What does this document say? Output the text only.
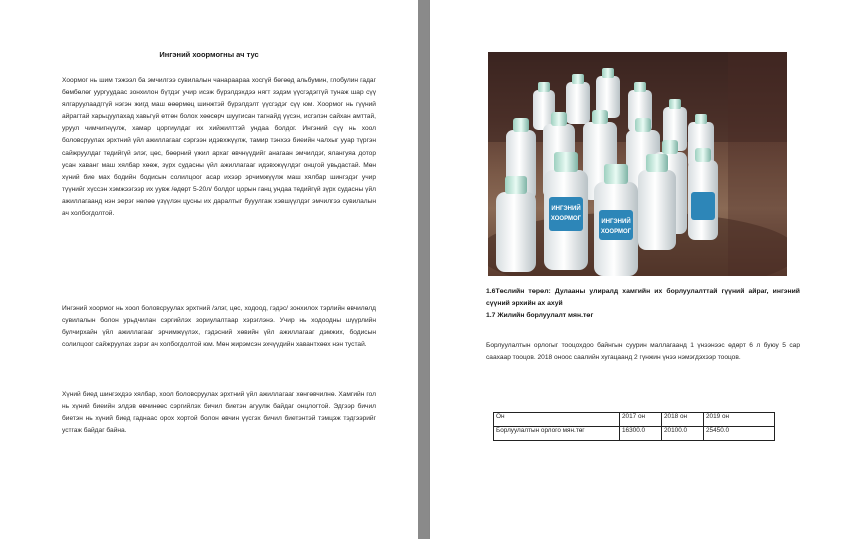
Ингэний хоормогны ач тус

Хоормог нь шим тэжээл ба эмчилгээ сувилалын чанараараа хосгүй бөгөөд альбумин, глобулин гадаг бөмбөлөг уургуудаас зонхилон бүтдэг учир исэж бүрэлдэхдээ нягт зэдэм үүсгэдэггүй тунаж шар сүү ялгаруулаадггүй нэгэн жигд маш өөөрмөц шинжтэй бүрэлдэлт үүсгэдэг сүү юм. Хоормог нь гүүний айрагтай харьцуулахад хавьгүй өтгөн болох хөөсөрч шуугисан тагнайд үүсэн, исгэлэн сайхан амттай, уруул чимчигнүүлж, хамар цоргиулдаг их хийжилттэй ундаа болдог. Ингэний сүү нь хоол боловсруулах эрхтний үйл ажиллагааг сэргээн идэвхжүүлж, тамир тэнхээ биеийн чалхыг ууар түргэн сайжруулдаг тедийгүй элэг, цөс, бөөрний үжил архаг өвчнүүдийг анагаан эмчилдэг, ялангуяа дотор усан хаванг маш хялбар хөөж, зүрх судасны үйл ажиллагааг идэвхжүүлдэг онцгой увьдастай. Мөн хүний бие мах бодийн бодисын солилцоог асар ихээр эрчимжүүлж маш хялбар шингэдэг учир түүнийг хүссэн хэмжээгээр их уувж /өдөрт 5-20л/ болдог цорын ганц ундаа тедийгүй зүрх судасны үйл ажиллагаанд нэн эерэг нөлөө үзүүлэн цусны их даралтыг бууулгаж хэвшүүлдэг эмчилгээ сувилалын ач холбогдолтой.

Ингэний хоормог нь хоол боловсруулах эрхтний /элэг, цөс, ходоод, гэдэс/ зонхилох тэрлийн өвчилөлд сувилалын болон урьдчилан сэргийлэх зориулалтаар хэрэглэнэ. Учир нь ходоодны шүүрлийн булчирхайн үйл ажиллагааг эрчимжүүлэх, гэдэсний хөвийн үйл ажиллагааг дэмжих, бодисын солилцоог сайжруулах зэрэг ач холбогдолтой юм. Мөн жирэмсэн эхчүүдийн хавантхөөх нэн тустай.

Хүний биед шингэхдээ хялбар, хоол боловсруулах эрхтний үйл ажиллагааг хөнгөвчилнө. Хамгийн гол нь хүний биеийн элдэв өвчинөөс сэргийлэх бичил биетэн агуулж байдаг онцлогтой. Эдгээр бичил биетэн нь хүний биед гаднаас орох хортой болон өвчин үүсгэх бичил биетэнтэй тэмцэж тэдгээрийг устгаж байдаг байна.

ИНГЭНИЙ
ХООРМОГ	ИНГЭНИЙ
ХООРМОГ
1.6Төслийн төрөл: Дулааны улиралд хамгийн их борлуулалттай гүүний айраг, ингэний сүүний эрхийн ах ахуй
1.7 Жилийн борлуулалт мян.төг

Борлуулалтын орлогыг тооцохдоо байнгын суурин маллагаанд 1 үнээнээс өдөрт 6 л буюу 5 сар саахаар тооцов. 2018 оноос саалийн хугацаанд 2 гүнжин үнээ нэмэгдэхээр тооцов.

Он	2017 он	2018 он	2019 он
Борлуулалтын орлого мян.төг	16300.0	20100.0	25450.0
